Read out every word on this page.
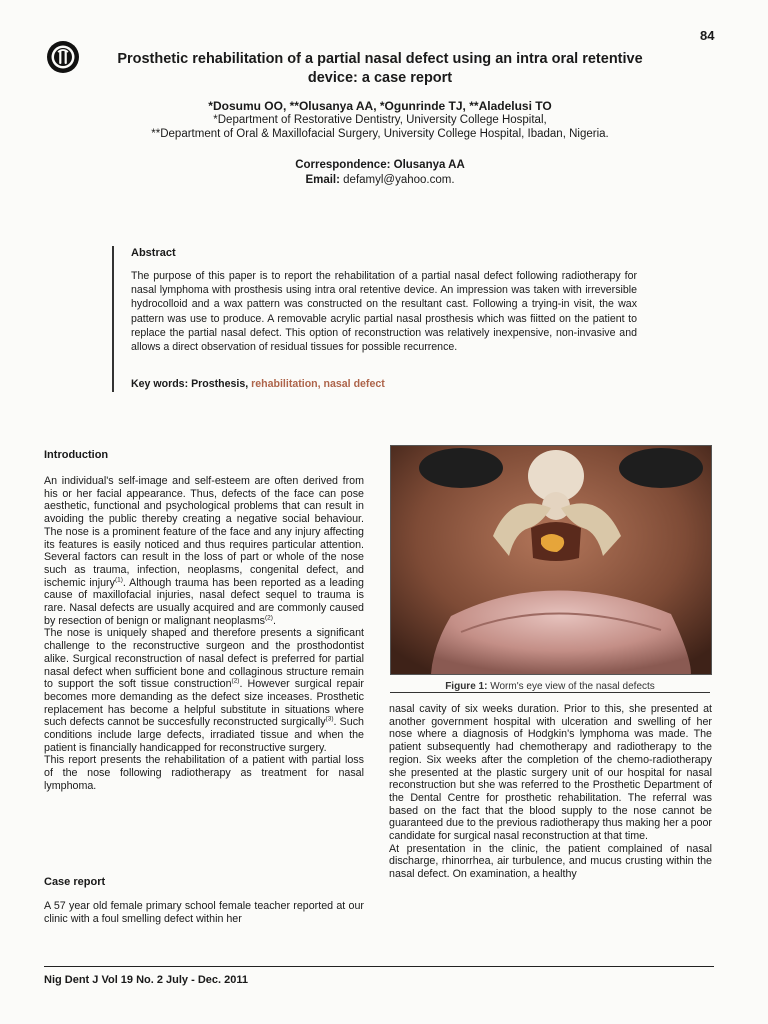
84
Prosthetic rehabilitation of a partial nasal defect using an intra oral retentive device: a case report
*Dosumu OO, **Olusanya AA, *Ogunrinde TJ, **Aladelusi TO
*Department of Restorative Dentistry, University College Hospital,
**Department of Oral & Maxillofacial Surgery, University College Hospital, Ibadan, Nigeria.
Correspondence: Olusanya AA
Email: defamyl@yahoo.com.
Abstract

The purpose of this paper is to report the rehabilitation of a partial nasal defect following radiotherapy for nasal lymphoma with prosthesis using intra oral retentive device. An impression was taken with irreversible hydrocolloid and a wax pattern was constructed on the resultant cast. Following a trying-in visit, the wax pattern was use to produce. A removable acrylic partial nasal prosthesis which was fiitted on the patient to replace the partial nasal defect. This option of reconstruction was relatively inexpensive, non-invasive and allows a direct observation of residual tissues for possible recurrence.

Key words: Prosthesis, rehabilitation, nasal defect
Introduction

An individual's self-image and self-esteem are often derived from his or her facial appearance. Thus, defects of the face can pose aesthetic, functional and psychological problems that can result in avoiding the public thereby creating a negative social behaviour. The nose is a prominent feature of the face and any injury affecting its features is easily noticed and thus requires particular attention. Several factors can result in the loss of part or whole of the nose such as trauma, infection, neoplasms, congenital defect, and ischemic injury$^{(1)}$. Although trauma has been reported as a leading cause of maxillofacial injuries, nasal defect sequel to trauma is rare. Nasal defects are usually acquired and are commonly caused by resection of benign or malignant neoplasms$^{(2)}$.

The nose is uniquely shaped and therefore presents a significant challenge to the reconstructive surgeon and the prosthodontist alike. Surgical reconstruction of nasal defect is preferred for partial nasal defect when sufficient bone and collaginous structure remain to support the soft tissue construction$^{(2)}$. However surgical repair becomes more demanding as the defect size inceases. Prosthetic replacement has become a helpful substitute in situations where such defects cannot be succesfully reconstructed surgically$^{(3)}$. Such conditions include large defects, irradiated tissue and when the patient is financially handicapped for reconstructive surgery.

This report presents the rehabilitation of a patient with partial loss of the nose following radiotherapy as treatment for nasal lymphoma.

Case report

A 57 year old female primary school female teacher reported at our clinic with a foul smelling defect within her

Figure 1: Worm's eye view of the nasal defects

nasal cavity of six weeks duration. Prior to this, she presented at another government hospital with ulceration and swelling of her nose where a diagnosis of Hodgkin's lymphoma was made. The patient subsequently had chemotherapy and radiotherapy to the region. Six weeks after the completion of the chemo-radiotherapy she presented at the plastic surgery unit of our hospital for nasal reconstruction but she was referred to the Prosthetic Department of the Dental Centre for prosthetic rehabilitation. The referral was based on the fact that the blood supply to the nose cannot be guaranteed due to the previous radiotherapy thus making her a poor candidate for surgical nasal reconstruction at that time.

At presentation in the clinic, the patient complained of nasal discharge, rhinorrhea, air turbulence, and mucus crusting within the nasal defect. On examination, a healthy

Nig Dent J Vol 19 No. 2 July - Dec. 2011
